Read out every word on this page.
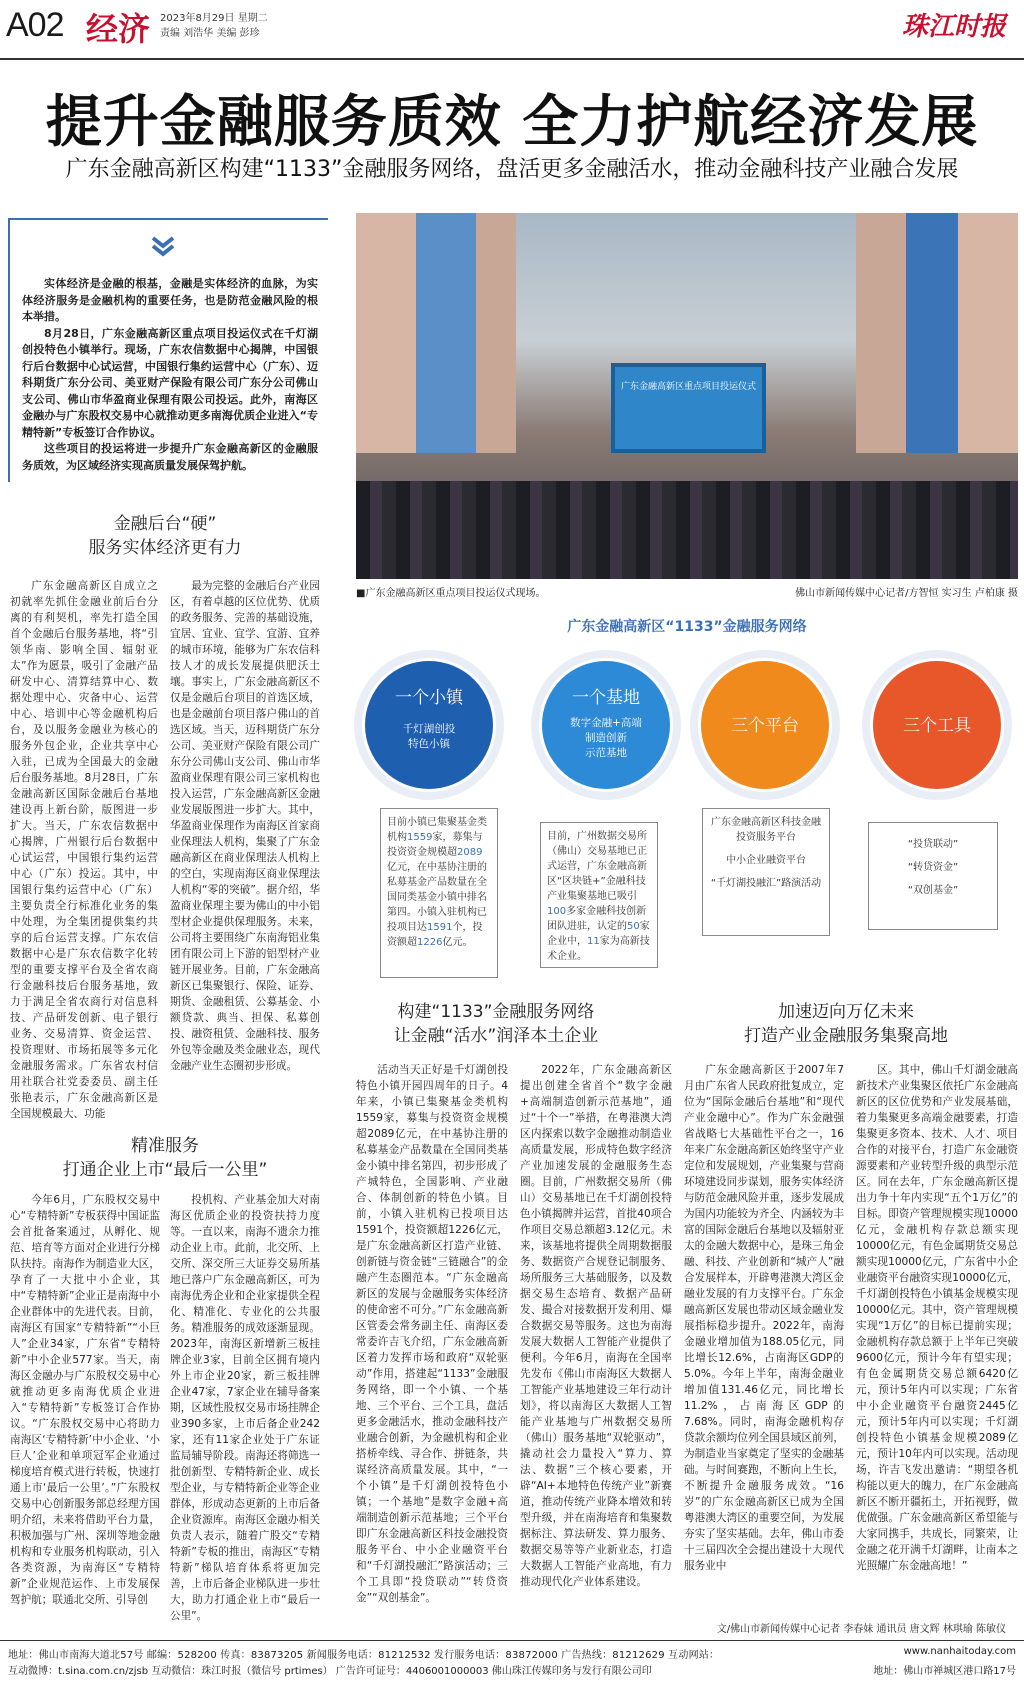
A02 经济 2023年8月29日 星期二
责编 刘浩华 美编 彭珍	珠江时报
提升金融服务质效 全力护航经济发展
广东金融高新区构建“1133”金融服务网络，盘活更多金融活水，推动金融科技产业融合发展

实体经济是金融的根基，金融是实体经济的血脉，为实体经济服务是金融机构的重要任务，也是防范金融风险的根本举措。

8月28日，广东金融高新区重点项目投运仪式在千灯湖创投特色小镇举行。现场，广东农信数据中心揭牌，中国银行后台数据中心试运营，中国银行集约运营中心（广东）、迈科期货广东分公司、美亚财产保险有限公司广东分公司佛山支公司、佛山市华盈商业保理有限公司投运。此外，南海区金融办与广东股权交易中心就推动更多南海优质企业进入“专精特新”专板签订合作协议。

这些项目的投运将进一步提升广东金融高新区的金融服务质效，为区域经济实现高质量发展保驾护航。

金融后台“硬”
服务实体经济更有力

广东金融高新区自成立之初就率先抓住金融业前后台分离的有利契机，率先打造全国首个金融后台服务基地，将“引领华南、影响全国、辐射亚太”作为愿景，吸引了金融产品研发中心、清算结算中心、数据处理中心、灾备中心、运营中心、培训中心等金融机构后台，及以服务金融业为核心的服务外包企业，企业共享中心入驻，已成为全国最大的金融后台服务基地。8月28日，广东金融高新区国际金融后台基地建设再上新台阶，版图进一步扩大。当天，广东农信数据中心揭牌，广州银行后台数据中心试运营，中国银行集约运营中心（广东）投运。其中，中国银行集约运营中心（广东）主要负责全行标准化业务的集中处理，为全集团提供集约共享的后台运营支撑。广东农信数据中心是广东农信数字化转型的重要支撑平台及全省农商行金融科技后台服务基地，致力于满足全省农商行对信息科技、产品研发创新、电子银行业务、交易清算、资金运营、投资理财、市场拓展等多元化金融服务需求。广东省农村信用社联合社党委委员、副主任张艳表示，广东金融高新区是全国规模最大、功能

最为完整的金融后台产业园区，有着卓越的区位优势、优质的政务服务、完善的基础设施，宜居、宜业、宜学、宜游、宜养的城市环境，能够为广东农信科技人才的成长发展提供肥沃土壤。事实上，广东金融高新区不仅是金融后台项目的首选区域，也是金融前台项目落户佛山的首选区域。当天，迈科期货广东分公司、美亚财产保险有限公司广东分公司佛山支公司、佛山市华盈商业保理有限公司三家机构也投入运营，广东金融高新区金融业发展版图进一步扩大。其中，华盈商业保理作为南海区首家商业保理法人机构，集聚了广东金融高新区在商业保理法人机构上的空白，实现南海区商业保理法人机构“零的突破”。据介绍，华盈商业保理主要为佛山的中小铝型材企业提供保理服务。未来，公司将主要围绕广东南海铝业集团有限公司上下游的铝型材产业链开展业务。目前，广东金融高新区已集聚银行、保险、证券、期货、金融租赁、公募基金、小额贷款、典当、担保、私募创投、融资租赁、金融科技、服务外包等金融及类金融业态，现代金融产业生态圈初步形成。

精准服务
打通企业上市“最后一公里”

今年6月，广东股权交易中心“专精特新”专板获得中国证监会首批备案通过，从孵化、规范、培育等方面对企业进行分梯队扶持。南海作为制造业大区，孕育了一大批中小企业，其中“专精特新”企业正是南海中小企业群体中的先进代表。目前，南海区有国家“专精特新”“小巨人”企业34家，广东省“专精特新”中小企业577家。当天，南海区金融办与广东股权交易中心就推动更多南海优质企业进入“专精特新”专板签订合作协议。“广东股权交易中心将助力南海区‘专精特新’中小企业、‘小巨人’企业和单项冠军企业通过梯度培育模式进行转板，快速打通上市‘最后一公里’。”广东股权交易中心创新服务部总经理方国明介绍，未来将借助平台力量，积极加强与广州、深圳等地金融机构和专业服务机构联动，引入各类资源，为南海区“专精特新”企业规范运作、上市发展保驾护航；联通北交所、引导创

投机构、产业基金加大对南海区优质企业的投资扶持力度等。一直以来，南海不遗余力推动企业上市。此前，北交所、上交所、深交所三大证券交易所基地已落户广东金融高新区，可为南海优秀企业和企业家提供全程化、精准化、专业化的公共服务。精准服务的成效逐渐显现。2023年，南海区新增新三板挂牌企业3家，目前全区拥有境内外上市企业20家，新三板挂牌企业47家，7家企业在辅导备案期，区域性股权交易市场挂牌企业390多家，上市后备企业242家，还有11家企业处于广东证监局辅导阶段。南海还将筛选一批创新型、专精特新企业、成长型企业，与专精特新企业等企业群体，形成动态更新的上市后备企业资源库。南海区金融办相关负责人表示，随着广股交“专精特新”专板的推出，南海区“专精特新”梯队培育体系将更加完善，上市后备企业梯队进一步壮大，助力打通企业上市“最后一公里”。

广东金融高新区重点项目投运仪式
■广东金融高新区重点项目投运仪式现场。	佛山市新闻传媒中心记者/方智恒 实习生 卢柏康 摄
广东金融高新区“1133”金融服务网络
一个小镇
千灯湖创投
特色小镇
一个基地
数字金融+高端
制造创新
示范基地
三个平台	三个工具
目前小镇已集聚基金类机构1559家，募集与投资资金规模超2089亿元，在中基协注册的私募基金产品数量在全国同类基金小镇中排名第四。小镇入驻机构已投项目达1591个，投资额超1226亿元。
目前，广州数据交易所（佛山）交易基地已正式运营，广东金融高新区“区块链+”金融科技产业集聚基地已吸引100多家金融科技创新团队进驻，认定的50家企业中，11家为高新技术企业。
广东金融高新区科技金融投资服务平台
中小企业融资平台
“千灯湖投融汇”路演活动
“投贷联动”
“转贷资金”
“双创基金”
构建“1133”金融服务网络
让金融“活水”润泽本土企业
加速迈向万亿未来
打造产业金融服务集聚高地

活动当天正好是千灯湖创投特色小镇开园四周年的日子。4年来，小镇已集聚基金类机构1559家，募集与投资资金规模超2089亿元，在中基协注册的私募基金产品数量在全国同类基金小镇中排名第四，初步形成了产城特色，全国影响、产业融合、体制创新的特色小镇。目前，小镇入驻机构已投项目达1591个，投资额超1226亿元，是广东金融高新区打造产业链、创新链与资金链“三链融合”的金融产生态圈范本。“广东金融高新区的发展与金融服务实体经济的使命密不可分。”广东金融高新区管委会常务副主任、南海区委常委许吉飞介绍，广东金融高新区着力发挥市场和政府“双轮驱动”作用，搭建起“1133”金融服务网络，即一个小镇、一个基地、三个平台、三个工具，盘活更多金融活水，推动金融科技产业融合创新，为金融机构和企业搭桥牵线、寻合作、拼链条，共谋经济高质量发展。其中，“一个小镇”是千灯湖创投特色小镇；一个基地”是数字金融+高端制造创新示范基地；三个平台即广东金融高新区科技金融投资服务平台、中小企业融资平台和“千灯湖投融汇”路演活动；三个工具即“投贷联动”“转贷资金”“双创基金”。

2022年，广东金融高新区提出创建全省首个“数字金融+高端制造创新示范基地”，通过“十个一”举措，在粤港澳大湾区内探索以数字金融推动制造业高质量发展，形成特色数字经济产业加速发展的金融服务生态圈。目前，广州数据交易所（佛山）交易基地已在千灯湖创投特色小镇揭牌并运营，首批40项合作项目交易总额超3.12亿元。未来，该基地将提供全周期数据服务、数据资产合规登记制服务、场所服务三大基础服务，以及数据交易生态培育、数据产品研发、撮合对接数据开发利用、爆合数据交易等服务。这也为南海发展大数据人工智能产业提供了便利。今年6月，南海在全国率先发布《佛山市南海区大数据人工智能产业基地建设三年行动计划》，将以南海区大数据人工智能产业基地与广州数据交易所（佛山）服务基地“双轮驱动”，撬动社会力量投入“算力、算法、数据”三个核心要素，开辟“AI+本地特色传统产业”新赛道，推动传统产业降本增效和转型升级，并在南海培育和集聚数据标注、算法研发、算力服务、数据交易等等产业新业态，打造大数据人工智能产业高地，有力推动现代化产业体系建设。

广东金融高新区于2007年7月由广东省人民政府批复成立，定位为“国际金融后台基地”和“现代产业金融中心”。作为广东金融强省战略七大基础性平台之一，16年来广东金融高新区始终坚守产业定位和发展规划，产业集聚与营商环境建设同步谋划，服务实体经济与防范金融风险并重，逐步发展成为国内功能较为齐全、内涵较为丰富的国际金融后台基地以及辐射亚太的金融大数据中心，是珠三角金融、科技、产业创新和“城产人”融合发展样本，开辟粤港澳大湾区金融业发展的有力支撑平台。广东金融高新区发展也带动区域金融业发展指标稳步提升。2022年，南海金融业增加值为188.05亿元，同比增长12.6%，占南海区GDP的5.0%。今年上半年，南海金融业增加值131.46亿元，同比增长11.2%，占南海区GDP的7.68%。同时，南海金融机构存贷款余额均位列全国县域区前列，为制造业当家奠定了坚实的金融基础。与时间赛跑，不断向上生长，不断提升金融服务成效。“16岁”的广东金融高新区已成为全国粤港澳大湾区的重要空间，为发展夯实了坚实基础。去年，佛山市委十三届四次全会提出建设十大现代服务业中

区。其中，佛山千灯湖金融高新技术产业集聚区依托广东金融高新区的区位优势和产业发展基础，着力集聚更多高端金融要素，打造集聚更多资本、技术、人才、项目合作的对接平台，打造广东金融资源要素和产业转型升级的典型示范区。同在去年，广东金融高新区提出力争十年内实现“五个1万亿”的目标。即资产管理规模实现10000亿元，金融机构存款总额实现10000亿元，有色金属期货交易总额实现10000亿元，广东省中小企业融资平台融资实现10000亿元，千灯湖创投特色小镇基金规模实现10000亿元。其中，资产管理规模实现“1万亿”的目标已提前实现；金融机构存款总额于上半年已突破9600亿元，预计今年有望实现；有色金属期货交易总额6420亿元，预计5年内可以实现；广东省中小企业融资平台融资2445亿元，预计5年内可以实现；千灯湖创投特色小镇基金规模2089亿元，预计10年内可以实现。活动现场，许吉飞发出邀请：“期望各机构能以更大的魄力，在广东金融高新区不断开疆拓土，开拓视野，做优做强。广东金融高新区希望能与大家同携手，共成长，同繁荣，让金融之花开满千灯湖畔，让南本之光照耀广东金融高地！”

文/佛山市新闻传媒中心记者 李春妹 通讯员 唐文辉 林琪瑜 陈敏仪
地址：佛山市南海大道北57号 邮编：528200 传真：83873205 新闻服务电话：81212532 发行服务电话：83872000 广告热线：81212629 互动网站：	www.nanhaitoday.com
互动微博：t.sina.com.cn/zjsb 互动微信：珠江时报（微信号 prtimes） 广告许可证号：4406001000003 佛山珠江传媒印务与发行有限公司印	地址：佛山市禅城区港口路17号
